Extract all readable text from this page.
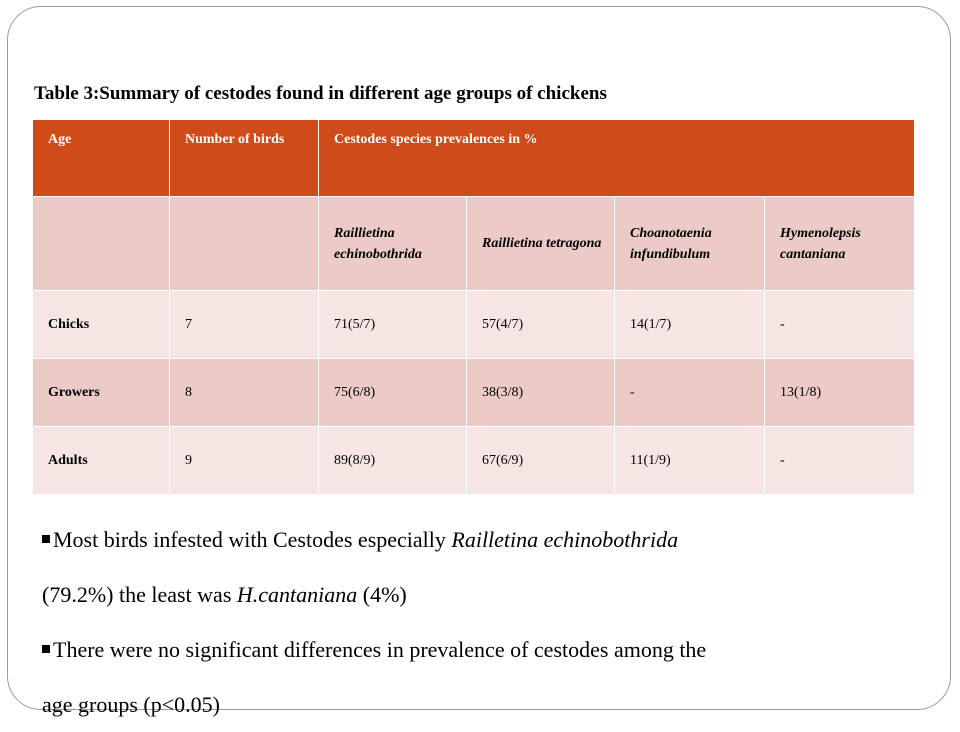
Table 3:Summary of cestodes found in different age groups of chickens
Age	Number of birds	Cestodes species prevalences in %			
		Raillietina echinobothrida	Raillietina tetragona	Choanotaenia infundibulum	Hymenolepsis cantaniana
Chicks	7	71(5/7)	57(4/7)	14(1/7)	-
Growers	8	75(6/8)	38(3/8)	-	13(1/8)
Adults	9	89(8/9)	67(6/9)	11(1/9)	-

Most birds infested with Cestodes especially Railletina echinobothrida

(79.2%) the least was H.cantaniana (4%)

There were no significant differences in prevalence of cestodes among the

age groups (p<0.05)
